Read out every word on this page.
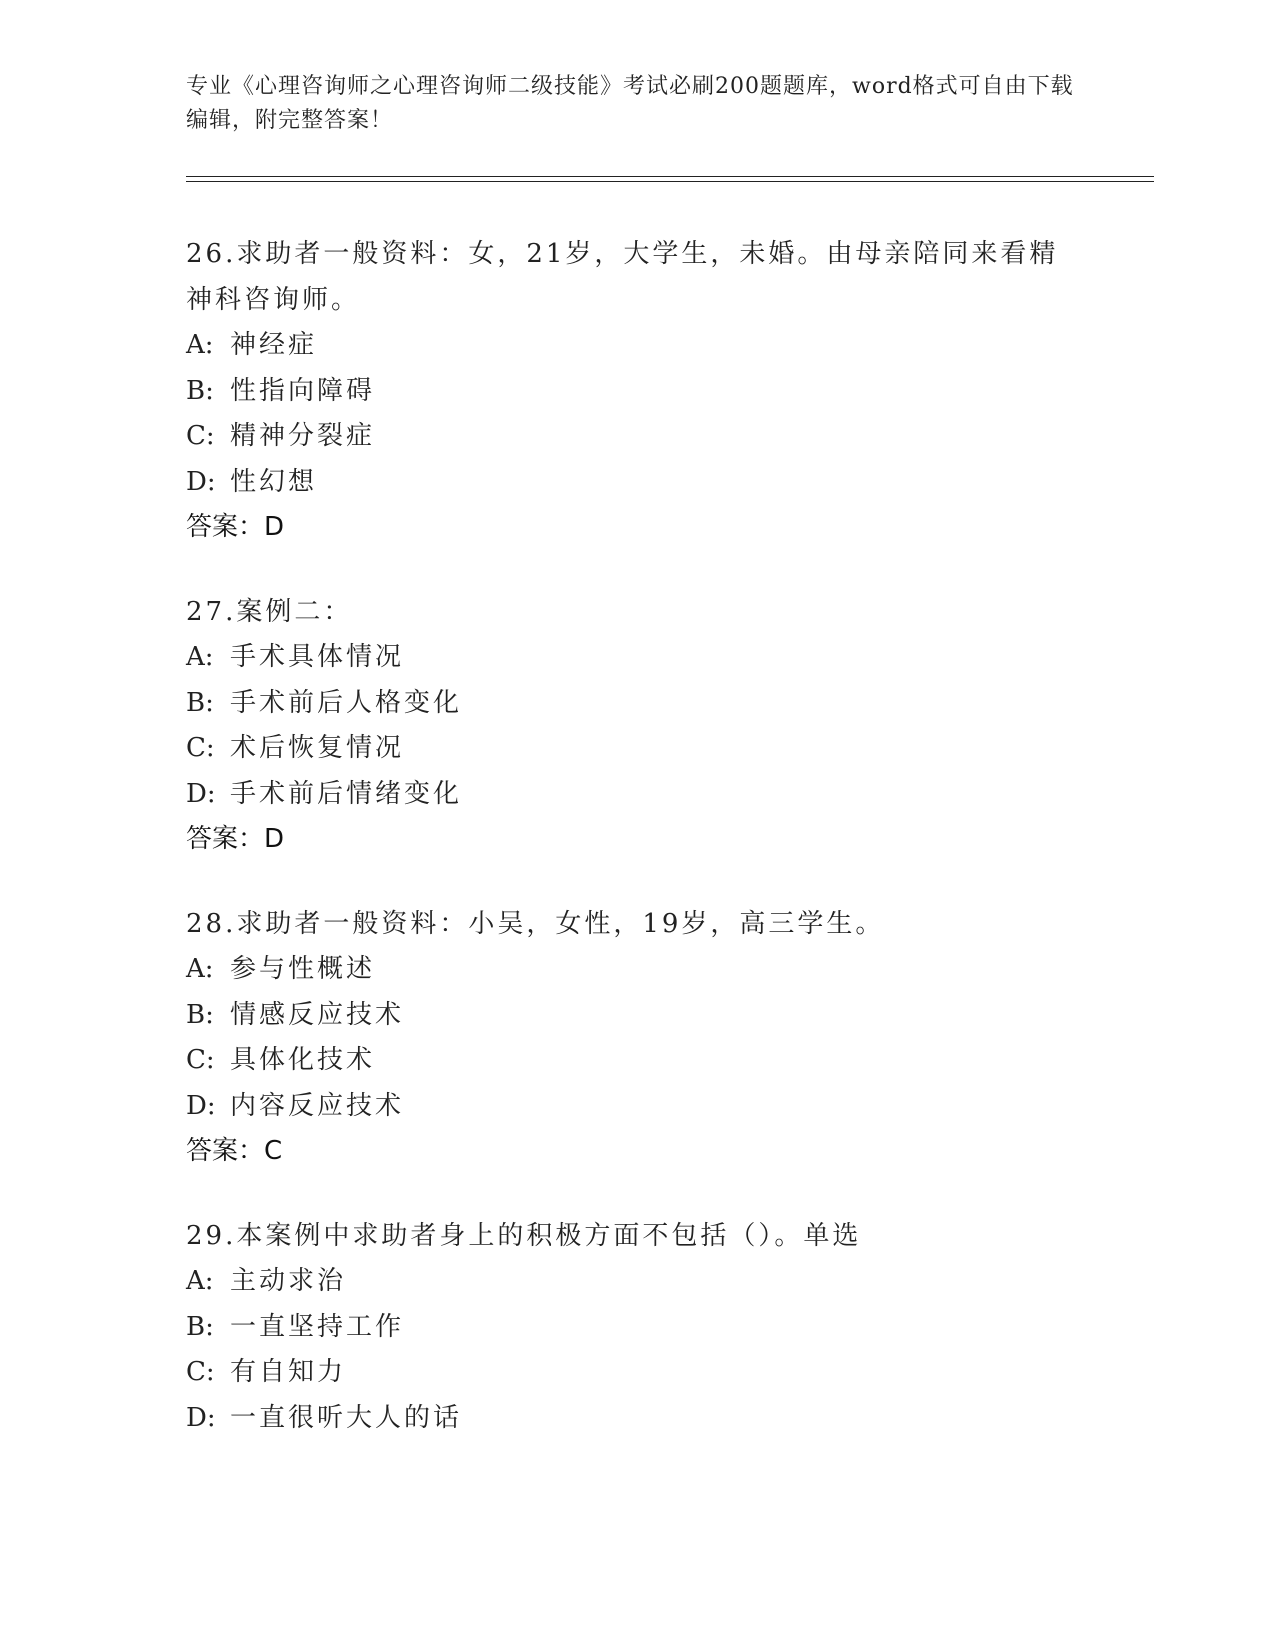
专业《心理咨询师之心理咨询师二级技能》考试必刷200题题库，word格式可自由下载编辑，附完整答案！
26.求助者一般资料：女，21岁，大学生，未婚。由母亲陪同来看精神科咨询师。
A: 神经症
B: 性指向障碍
C: 精神分裂症
D: 性幻想
答案：D
27.案例二：
A: 手术具体情况
B: 手术前后人格变化
C: 术后恢复情况
D: 手术前后情绪变化
答案：D
28.求助者一般资料：小吴，女性，19岁，高三学生。
A: 参与性概述
B: 情感反应技术
C: 具体化技术
D: 内容反应技术
答案：C
29.本案例中求助者身上的积极方面不包括（）。单选
A: 主动求治
B: 一直坚持工作
C: 有自知力
D: 一直很听大人的话
